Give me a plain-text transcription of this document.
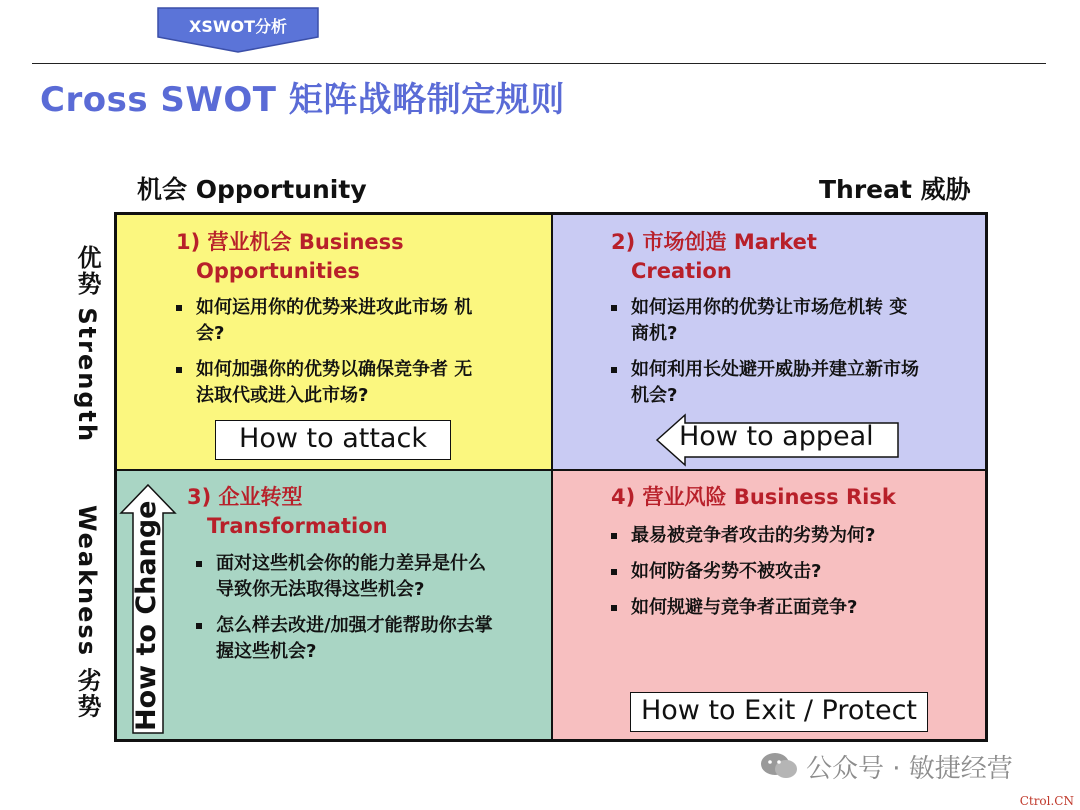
XSWOT分析
Cross SWOT 矩阵战略制定规则
机会 Opportunity	Threat 威胁
优势 Strength
Weakness 劣势
1) 营业机会 Business
Opportunities
如何运用你的优势来进攻此市场 机会?
如何加强你的优势以确保竞争者 无法取代或进入此市场?
How to attack
2) 市场创造 Market
Creation
如何运用你的优势让市场危机转 变商机?
如何利用长处避开威胁并建立新市场机会?
How to appeal
How to Change
3) 企业转型
Transformation
面对这些机会你的能力差异是什么导致你无法取得这些机会?
怎么样去改进/加强才能帮助你去掌握这些机会?
4) 营业风险 Business Risk
最易被竞争者攻击的劣势为何?
如何防备劣势不被攻击?
如何规避与竞争者正面竞争?
How to Exit / Protect
公众号 · 敏捷经营
Ctrol.CN
